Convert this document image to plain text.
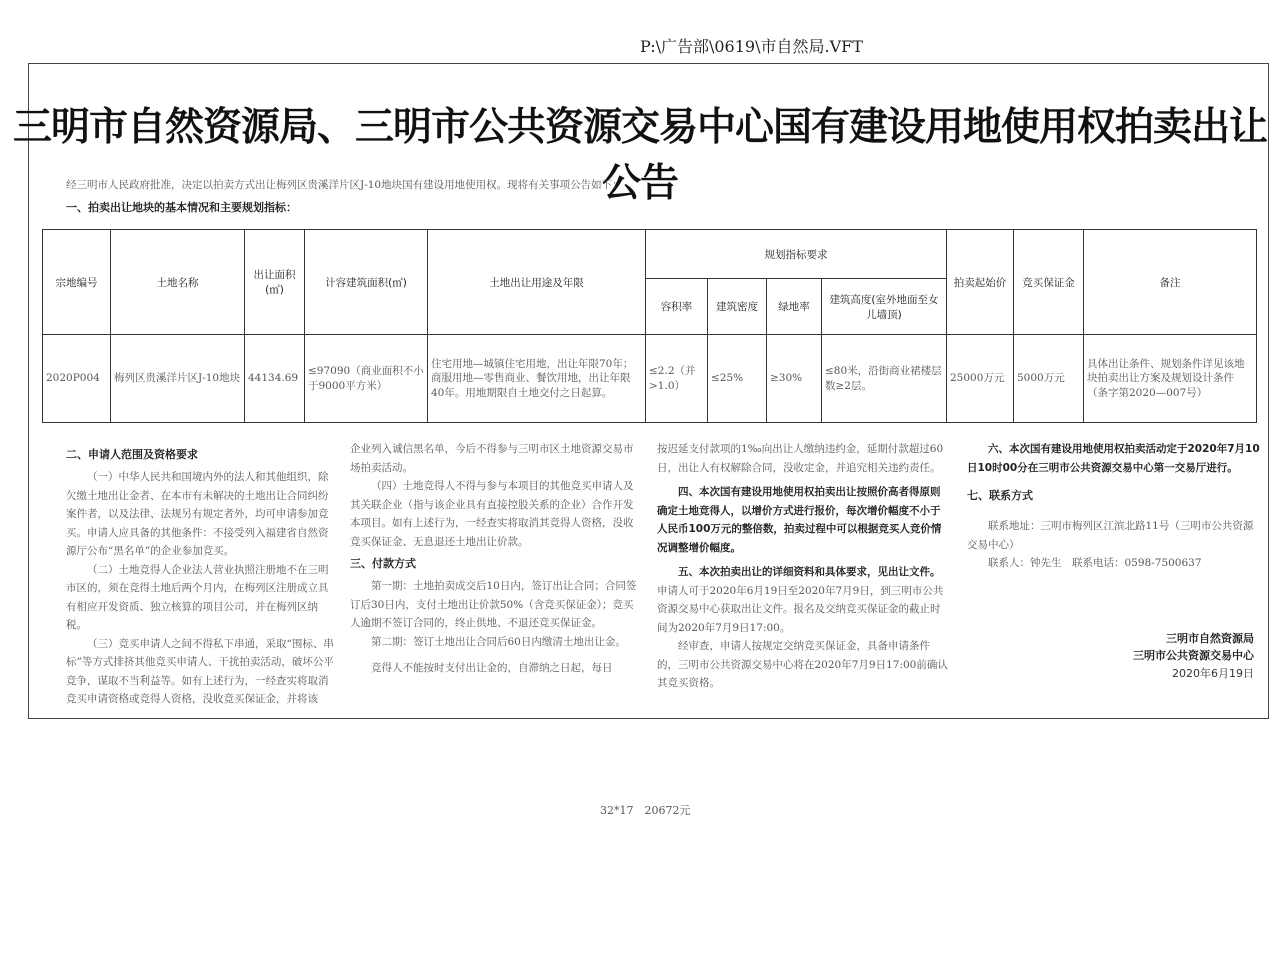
P:\广告部\0619\市自然局.VFT
三明市自然资源局、三明市公共资源交易中心国有建设用地使用权拍卖出让公告
经三明市人民政府批准，决定以拍卖方式出让梅列区贵溪洋片区J-10地块国有建设用地使用权。现将有关事项公告如下：
一、拍卖出让地块的基本情况和主要规划指标：
宗地编号	土地名称	出让面积(㎡)	计容建筑面积(㎡)	土地出让用途及年限	规划指标要求				拍卖起始价	竞买保证金	备注
					容积率	建筑密度	绿地率	建筑高度(室外地面至女儿墙顶)			
2020P004	梅列区贵溪洋片区J-10地块	44134.69	≤97090（商业面积不小于9000平方米）	住宅用地—城镇住宅用地，出让年限70年；商服用地—零售商业、餐饮用地，出让年限40年。用地期限自土地交付之日起算。	≤2.2（并>1.0）	≤25%	≥30%	≤80米，沿街商业裙楼层数≥2层。	25000万元	5000万元	具体出让条件、规划条件详见该地块拍卖出让方案及规划设计条件（条字第2020—007号）
二、申请人范围及资格要求

（一）中华人民共和国境内外的法人和其他组织，除欠缴土地出让金者、在本市有未解决的土地出让合同纠纷案件者，以及法律、法规另有规定者外，均可申请参加竞买。申请人应具备的其他条件：不接受列入福建省自然资源厅公布“黑名单”的企业参加竞买。

（二）土地竞得人企业法人营业执照注册地不在三明市区的，须在竞得土地后两个月内，在梅列区注册成立具有相应开发资质、独立核算的项目公司，并在梅列区纳税。

（三）竞买申请人之间不得私下串通，采取“围标、串标”等方式排挤其他竞买申请人、干扰拍卖活动，破坏公平竞争，谋取不当利益等。如有上述行为，一经查实将取消竞买申请资格或竞得人资格，没收竞买保证金，并将该

企业列入诚信黑名单，今后不得参与三明市区土地资源交易市场拍卖活动。

（四）土地竞得人不得与参与本项目的其他竞买申请人及其关联企业（指与该企业具有直接控股关系的企业）合作开发本项目。如有上述行为，一经查实将取消其竞得人资格，没收竞买保证金、无息退还土地出让价款。

三、付款方式

第一期：土地拍卖成交后10日内，签订出让合同；合同签订后30日内，支付土地出让价款50%（含竞买保证金）；竞买人逾期不签订合同的，终止供地、不退还竞买保证金。

第二期：签订土地出让合同后60日内缴清土地出让金。

竞得人不能按时支付出让金的，自滞纳之日起，每日

按迟延支付款项的1‰向出让人缴纳违约金，延期付款超过60日，出让人有权解除合同，没收定金，并追究相关违约责任。

四、本次国有建设用地使用权拍卖出让按照价高者得原则确定土地竞得人，以增价方式进行报价，每次增价幅度不小于人民币100万元的整倍数，拍卖过程中可以根据竞买人竞价情况调整增价幅度。

五、本次拍卖出让的详细资料和具体要求，见出让文件。申请人可于2020年6月19日至2020年7月9日，到三明市公共资源交易中心获取出让文件。报名及交纳竞买保证金的截止时间为2020年7月9日17:00。

经审查，申请人按规定交纳竞买保证金，具备申请条件的，三明市公共资源交易中心将在2020年7月9日17:00前确认其竞买资格。

六、本次国有建设用地使用权拍卖活动定于2020年7月10日10时00分在三明市公共资源交易中心第一交易厅进行。

七、联系方式

联系地址：三明市梅列区江滨北路11号（三明市公共资源交易中心）

联系人：钟先生　联系电话：0598-7500637

三明市自然资源局
三明市公共资源交易中心
2020年6月19日
32*17　20672元
